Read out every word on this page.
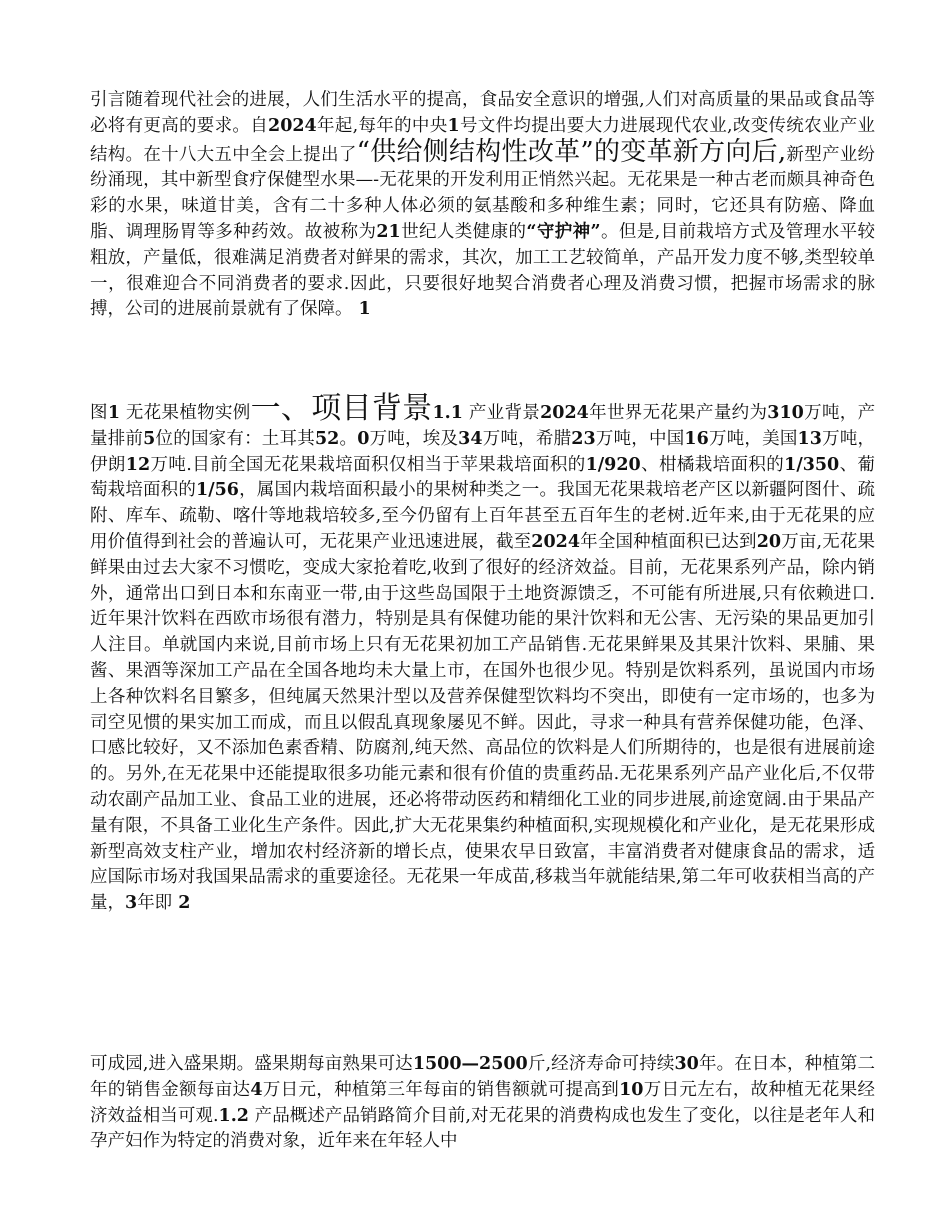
引言随着现代社会的进展，人们生活水平的提高，食品安全意识的增强,人们对高质量的果品或食品等必将有更高的要求。自2024年起,每年的中央1号文件均提出要大力进展现代农业,改变传统农业产业结构。在十八大五中全会上提出了“供给侧结构性改革”的变革新方向后,新型产业纷纷涌现，其中新型食疗保健型水果—-无花果的开发利用正悄然兴起。无花果是一种古老而颇具神奇色彩的水果，味道甘美，含有二十多种人体必须的氨基酸和多种维生素；同时，它还具有防癌、降血脂、调理肠胃等多种药效。故被称为21世纪人类健康的“守护神”。但是,目前栽培方式及管理水平较粗放，产量低，很难满足消费者对鲜果的需求，其次，加工工艺较简单，产品开发力度不够,类型较单一，很难迎合不同消费者的要求.因此，只要很好地契合消费者心理及消费习惯，把握市场需求的脉搏，公司的进展前景就有了保障。 1
图1 无花果植物实例一、项目背景1.1 产业背景2024年世界无花果产量约为310万吨，产量排前5位的国家有：土耳其52。0万吨，埃及34万吨，希腊23万吨，中国16万吨，美国13万吨，伊朗12万吨.目前全国无花果栽培面积仅相当于苹果栽培面积的1/920、柑橘栽培面积的1/350、葡萄栽培面积的1/56，属国内栽培面积最小的果树种类之一。我国无花果栽培老产区以新疆阿图什、疏附、库车、疏勒、喀什等地栽培较多,至今仍留有上百年甚至五百年生的老树.近年来,由于无花果的应用价值得到社会的普遍认可，无花果产业迅速进展，截至2024年全国种植面积已达到20万亩,无花果鲜果由过去大家不习惯吃，变成大家抢着吃,收到了很好的经济效益。目前，无花果系列产品，除内销外，通常出口到日本和东南亚一带,由于这些岛国限于土地资源馈乏，不可能有所进展,只有依赖进口.近年果汁饮料在西欧市场很有潜力，特别是具有保健功能的果汁饮料和无公害、无污染的果品更加引人注目。单就国内来说,目前市场上只有无花果初加工产品销售.无花果鲜果及其果汁饮料、果脯、果酱、果酒等深加工产品在全国各地均未大量上市，在国外也很少见。特别是饮料系列，虽说国内市场上各种饮料名目繁多，但纯属天然果汁型以及营养保健型饮料均不突出，即使有一定市场的，也多为司空见惯的果实加工而成，而且以假乱真现象屡见不鲜。因此，寻求一种具有营养保健功能，色泽、口感比较好，又不添加色素香精、防腐剂,纯天然、高品位的饮料是人们所期待的，也是很有进展前途的。另外,在无花果中还能提取很多功能元素和很有价值的贵重药品.无花果系列产品产业化后,不仅带动农副产品加工业、食品工业的进展，还必将带动医药和精细化工业的同步进展,前途宽阔.由于果品产量有限，不具备工业化生产条件。因此,扩大无花果集约种植面积,实现规模化和产业化，是无花果形成新型高效支柱产业，增加农村经济新的增长点，使果农早日致富，丰富消费者对健康食品的需求，适应国际市场对我国果品需求的重要途径。无花果一年成苗,移栽当年就能结果,第二年可收获相当高的产量，3年即 2
可成园,进入盛果期。盛果期每亩熟果可达1500—2500斤,经济寿命可持续30年。在日本，种植第二年的销售金额每亩达4万日元，种植第三年每亩的销售额就可提高到10万日元左右，故种植无花果经济效益相当可观.1.2 产品概述产品销路简介目前,对无花果的消费构成也发生了变化，以往是老年人和孕产妇作为特定的消费对象，近年来在年轻人中
